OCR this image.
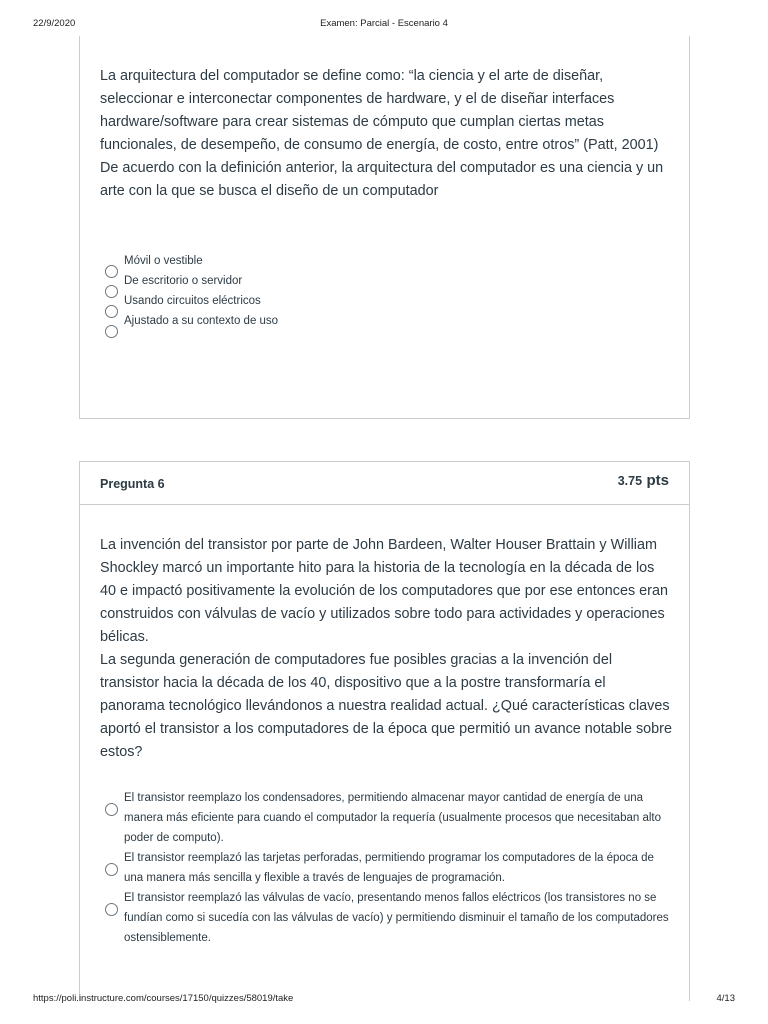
22/9/2020	Examen: Parcial - Escenario 4

La arquitectura del computador se define como: “la ciencia y el arte de diseñar, seleccionar e interconectar componentes de hardware, y el de diseñar interfaces hardware/software para crear sistemas de cómputo que cumplan ciertas metas funcionales, de desempeño, de consumo de energía, de costo, entre otros” (Patt, 2001)

De acuerdo con la definición anterior, la arquitectura del computador es una ciencia y un arte con la que se busca el diseño de un computador

Móvil o vestible
De escritorio o servidor
Usando circuitos eléctricos
Ajustado a su contexto de uso
Pregunta 6	3.75 pts

La invención del transistor por parte de John Bardeen, Walter Houser Brattain y William Shockley marcó un importante hito para la historia de la tecnología en la década de los 40 e impactó positivamente la evolución de los computadores que por ese entonces eran construidos con válvulas de vacío y utilizados sobre todo para actividades y operaciones bélicas.

La segunda generación de computadores fue posibles gracias a la invención del transistor hacia la década de los 40, dispositivo que a la postre transformaría el panorama tecnológico llevándonos a nuestra realidad actual. ¿Qué características claves aportó el transistor a los computadores de la época que permitió un avance notable sobre estos?

El transistor reemplazo los condensadores, permitiendo almacenar mayor cantidad de energía de una manera más eficiente para cuando el computador la requería (usualmente procesos que necesitaban alto poder de computo).
El transistor reemplazó las tarjetas perforadas, permitiendo programar los computadores de la época de una manera más sencilla y flexible a través de lenguajes de programación.
El transistor reemplazó las válvulas de vacío, presentando menos fallos eléctricos (los transistores no se fundían como si sucedía con las válvulas de vacío) y permitiendo disminuir el tamaño de los computadores ostensiblemente.
https://poli.instructure.com/courses/17150/quizzes/58019/take	4/13
